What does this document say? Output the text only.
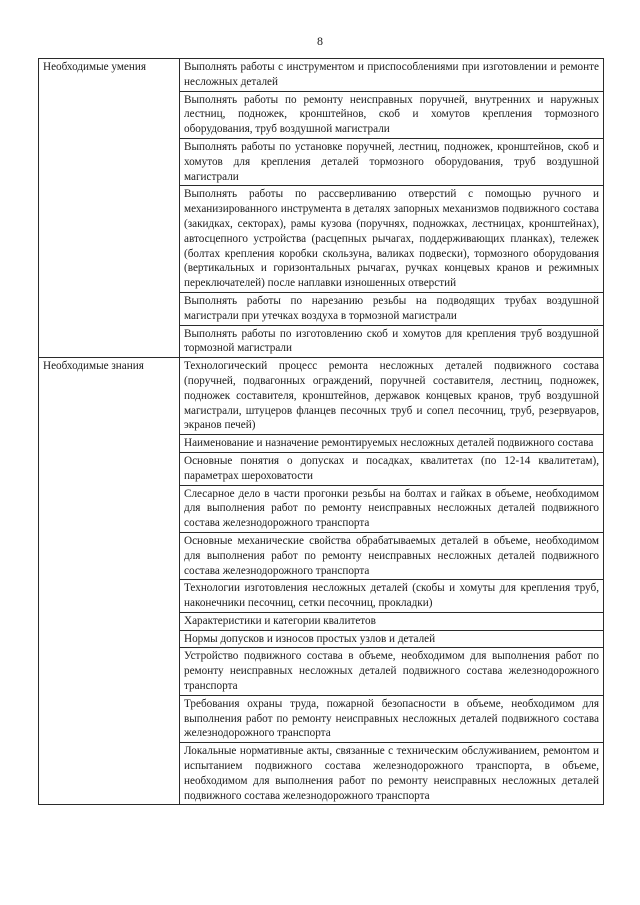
8
Необходимые умения	Выполнять работы с инструментом и приспособлениями при изготовлении и ремонте несложных деталей
	Выполнять работы по ремонту неисправных поручней, внутренних и наружных лестниц, подножек, кронштейнов, скоб и хомутов крепления тормозного оборудования, труб воздушной магистрали
	Выполнять работы по установке поручней, лестниц, подножек, кронштейнов, скоб и хомутов для крепления деталей тормозного оборудования, труб воздушной магистрали
	Выполнять работы по рассверливанию отверстий с помощью ручного и механизированного инструмента в деталях запорных механизмов подвижного состава (закидках, секторах), рамы кузова (поручнях, подножках, лестницах, кронштейнах), автосцепного устройства (расцепных рычагах, поддерживающих планках), тележек (болтах крепления коробки скользуна, валиках подвески), тормозного оборудования (вертикальных и горизонтальных рычагах, ручках концевых кранов и режимных переключателей) после наплавки изношенных отверстий
	Выполнять работы по нарезанию резьбы на подводящих трубах воздушной магистрали при утечках воздуха в тормозной магистрали
	Выполнять работы по изготовлению скоб и хомутов для крепления труб воздушной тормозной магистрали
Необходимые знания	Технологический процесс ремонта несложных деталей подвижного состава (поручней, подвагонных ограждений, поручней составителя, лестниц, подножек, подножек составителя, кронштейнов, державок концевых кранов, труб воздушной магистрали, штуцеров фланцев песочных труб и сопел песочниц, труб, резервуаров, экранов печей)
	Наименование и назначение ремонтируемых несложных деталей подвижного состава
	Основные понятия о допусках и посадках, квалитетах (по 12-14 квалитетам), параметрах шероховатости
	Слесарное дело в части прогонки резьбы на болтах и гайках в объеме, необходимом для выполнения работ по ремонту неисправных несложных деталей подвижного состава железнодорожного транспорта
	Основные механические свойства обрабатываемых деталей в объеме, необходимом для выполнения работ по ремонту неисправных несложных деталей подвижного состава железнодорожного транспорта
	Технологии изготовления несложных деталей (скобы и хомуты для крепления труб, наконечники песочниц, сетки песочниц, прокладки)
	Характеристики и категории квалитетов
	Нормы допусков и износов простых узлов и деталей
	Устройство подвижного состава в объеме, необходимом для выполнения работ по ремонту неисправных несложных деталей подвижного состава железнодорожного транспорта
	Требования охраны труда, пожарной безопасности в объеме, необходимом для выполнения работ по ремонту неисправных несложных деталей подвижного состава железнодорожного транспорта
	Локальные нормативные акты, связанные с техническим обслуживанием, ремонтом и испытанием подвижного состава железнодорожного транспорта, в объеме, необходимом для выполнения работ по ремонту неисправных несложных деталей подвижного состава железнодорожного транспорта
